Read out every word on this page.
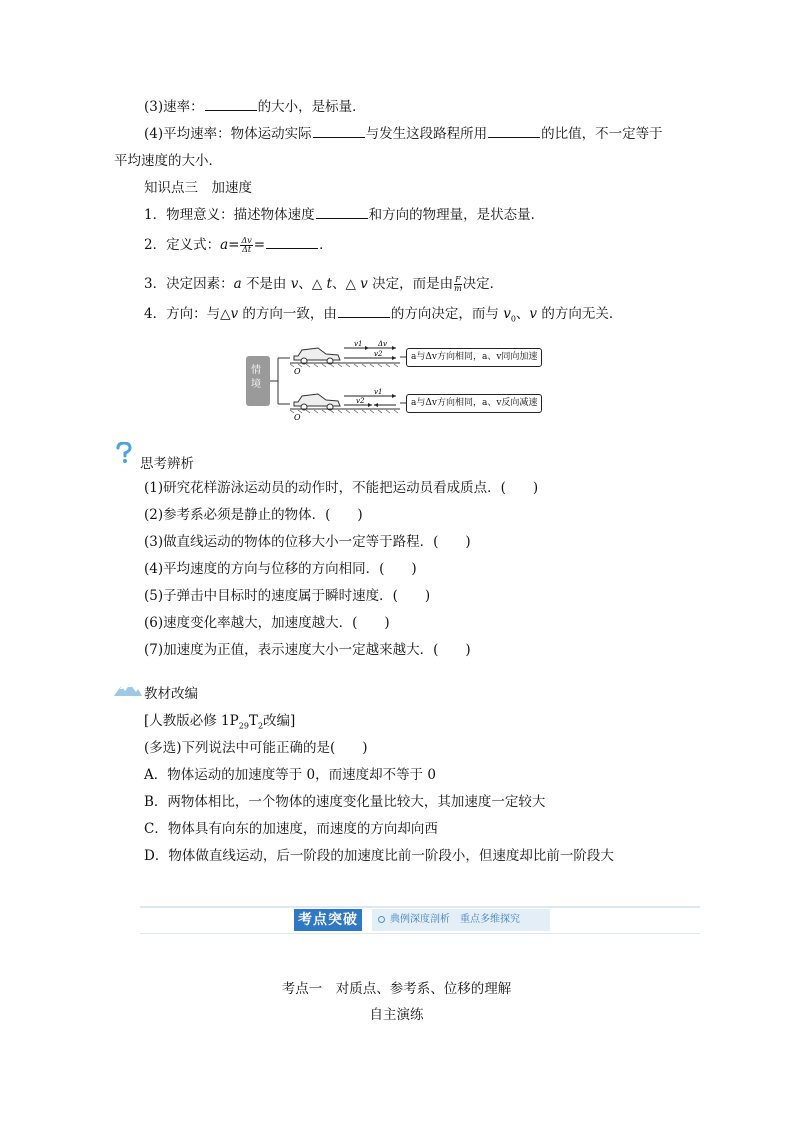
(3)速率：	的大小，是标量．
(4)平均速率：物体运动实际	与发生这段路程所用	的比值，不一定等于
平均速度的大小．
知识点三　加速度
1．物理意义：描述物体速度	和方向的物理量，是状态量．
2．定义式：$a= \frac{\Delta v}{\Delta t}$ =	．
3．决定因素：a 不是由 v、△ t、△ v 决定，而是由 $\frac{F}{m}$ 决定．
4．方向：与△v 的方向一致，由	的方向决定，而与 $v_0$、v 的方向无关．
v1 Δv
v2
O
v1
v2
O
情境
a与Δv方向相同，a、v同向加速
a与Δv方向相同，a、v反向减速
思考辨析
(1)研究花样游泳运动员的动作时，不能把运动员看成质点．(　　)
(2)参考系必须是静止的物体．(　　)
(3)做直线运动的物体的位移大小一定等于路程．(　　)
(4)平均速度的方向与位移的方向相同．(　　)
(5)子弹击中目标时的速度属于瞬时速度．(　　)
(6)速度变化率越大，加速度越大．(　　)
(7)加速度为正值，表示速度大小一定越来越大．(　　)
教材改编
[人教版必修 $1P_{29}T_2$改编]
(多选)下列说法中可能正确的是(　　)
A．物体运动的加速度等于 0，而速度却不等于 0
B．两物体相比，一个物体的速度变化量比较大，其加速度一定较大
C．物体具有向东的加速度，而速度的方向却向西
D．物体做直线运动，后一阶段的加速度比前一阶段小，但速度却比前一阶段大
考点突破	典例深度剖析　重点多维探究
考点一　对质点、参考系、位移的理解
自主演练
